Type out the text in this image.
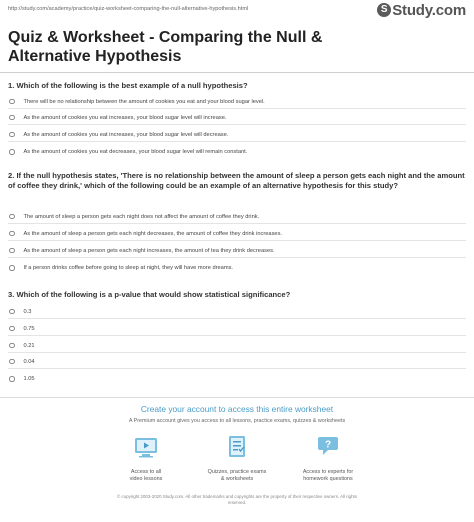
http://study.com/academy/practice/quiz-worksheet-comparing-the-null-alternative-hypothesis.html	S Study.com
Quiz & Worksheet - Comparing the Null & Alternative Hypothesis
1. Which of the following is the best example of a null hypothesis?
There will be no relationship between the amount of cookies you eat and your blood sugar level.
As the amount of cookies you eat increases, your blood sugar level will increase.
As the amount of cookies you eat increases, your blood sugar level will decrease.
As the amount of cookies you eat decreases, your blood sugar level will remain constant.
2. If the null hypothesis states, 'There is no relationship between the amount of sleep a person gets each night and the amount of coffee they drink,' which of the following could be an example of an alternative hypothesis for this study?
The amount of sleep a person gets each night does not affect the amount of coffee they drink.
As the amount of sleep a person gets each night decreases, the amount of coffee they drink increases.
As the amount of sleep a person gets each night increases, the amount of tea they drink decreases.
If a person drinks coffee before going to sleep at night, they will have more dreams.
3. Which of the following is a p-value that would show statistical significance?
0.3
0.75
0.21
0.04
1.05
Create your account to access this entire worksheet
A Premium account gives you access to all lessons, practice exams, quizzes & worksheets
Access to all
video lessons
Quizzes, practice exams
& worksheets
?
Access to experts for
homework questions
© copyright 2003-2020 Study.com. All other trademarks and copyrights are the property of their respective owners. All rights
reserved.
